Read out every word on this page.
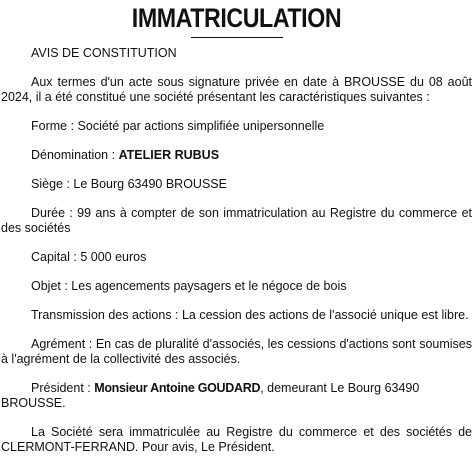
IMMATRICULATION

AVIS DE CONSTITUTION

Aux termes d'un acte sous signature privée en date à BROUSSE du 08 août 2024, il a été constitué une société présentant les caractéristiques suivantes :

Forme : Société par actions simplifiée unipersonnelle

Dénomination : ATELIER RUBUS

Siège : Le Bourg 63490 BROUSSE

Durée : 99 ans à compter de son immatriculation au Registre du commerce et des sociétés

Capital : 5 000 euros

Objet : Les agencements paysagers et le négoce de bois

Transmission des actions : La cession des actions de l'associé unique est libre.

Agrément : En cas de pluralité d'associés, les cessions d'actions sont soumises à l'agrément de la collectivité des associés.

Président : Monsieur Antoine GOUDARD, demeurant Le Bourg 63490 BROUSSE.

La Société sera immatriculée au Registre du commerce et des sociétés de CLERMONT-FERRAND. Pour avis, Le Président.
